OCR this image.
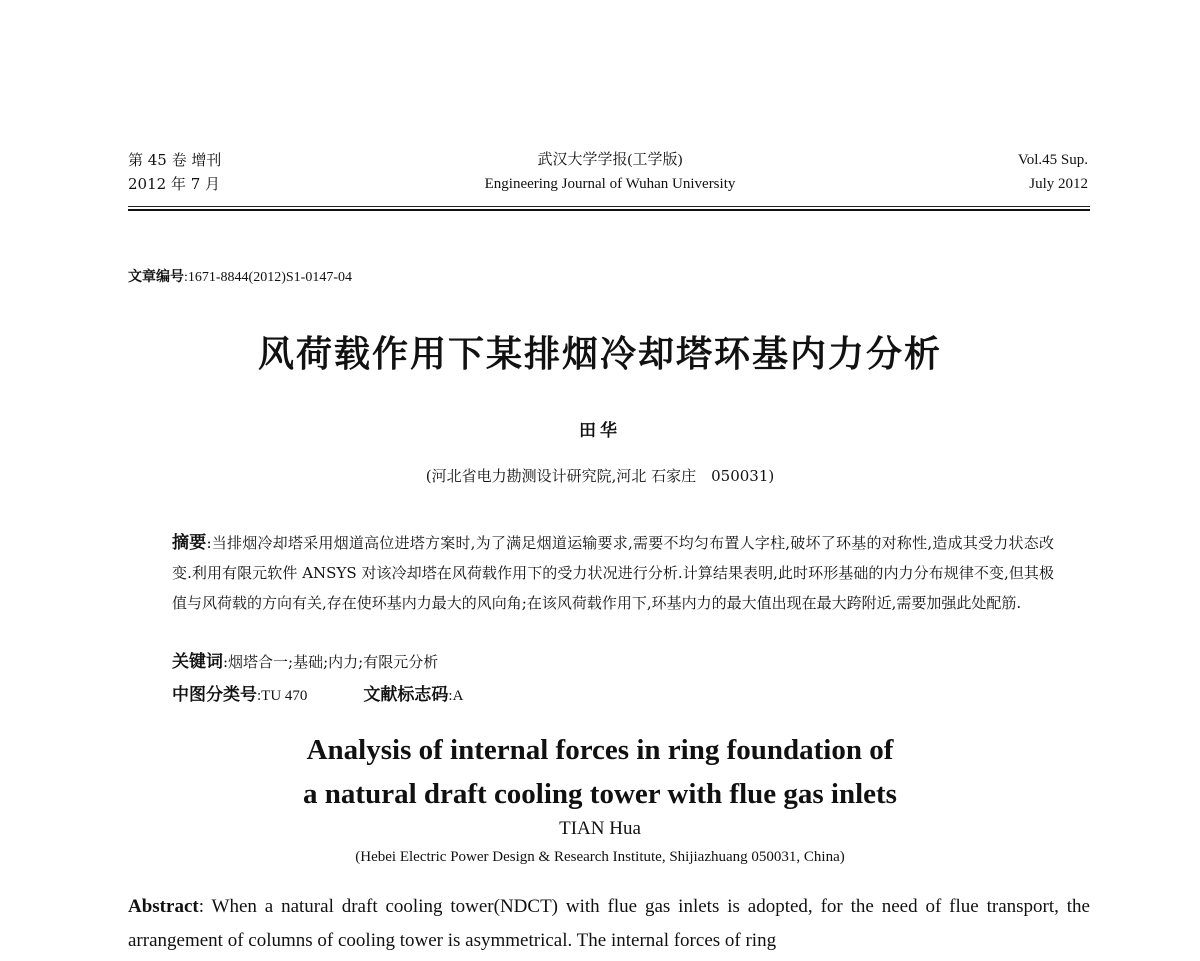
第 45 卷 增刊
2012 年 7 月
武汉大学学报(工学版)
Engineering Journal of Wuhan University
Vol.45 Sup.
July 2012
文章编号:1671-8844(2012)S1-0147-04
风荷载作用下某排烟冷却塔环基内力分析
田华
(河北省电力勘测设计研究院,河北 石家庄　050031)
摘要:当排烟冷却塔采用烟道高位进塔方案时,为了满足烟道运输要求,需要不均匀布置人字柱,破坏了环基的对称性,造成其受力状态改变.利用有限元软件 ANSYS 对该冷却塔在风荷载作用下的受力状况进行分析.计算结果表明,此时环形基础的内力分布规律不变,但其极值与风荷载的方向有关,存在使环基内力最大的风向角;在该风荷载作用下,环基内力的最大值出现在最大跨附近,需要加强此处配筋.
关键词:烟塔合一;基础;内力;有限元分析
中图分类号:TU 470	文献标志码:A
Analysis of internal forces in ring foundation of
a natural draft cooling tower with flue gas inlets
TIAN Hua
(Hebei Electric Power Design & Research Institute, Shijiazhuang 050031, China)
Abstract: When a natural draft cooling tower(NDCT) with flue gas inlets is adopted, for the need of flue transport, the arrangement of columns of cooling tower is asymmetrical. The internal forces of ring
